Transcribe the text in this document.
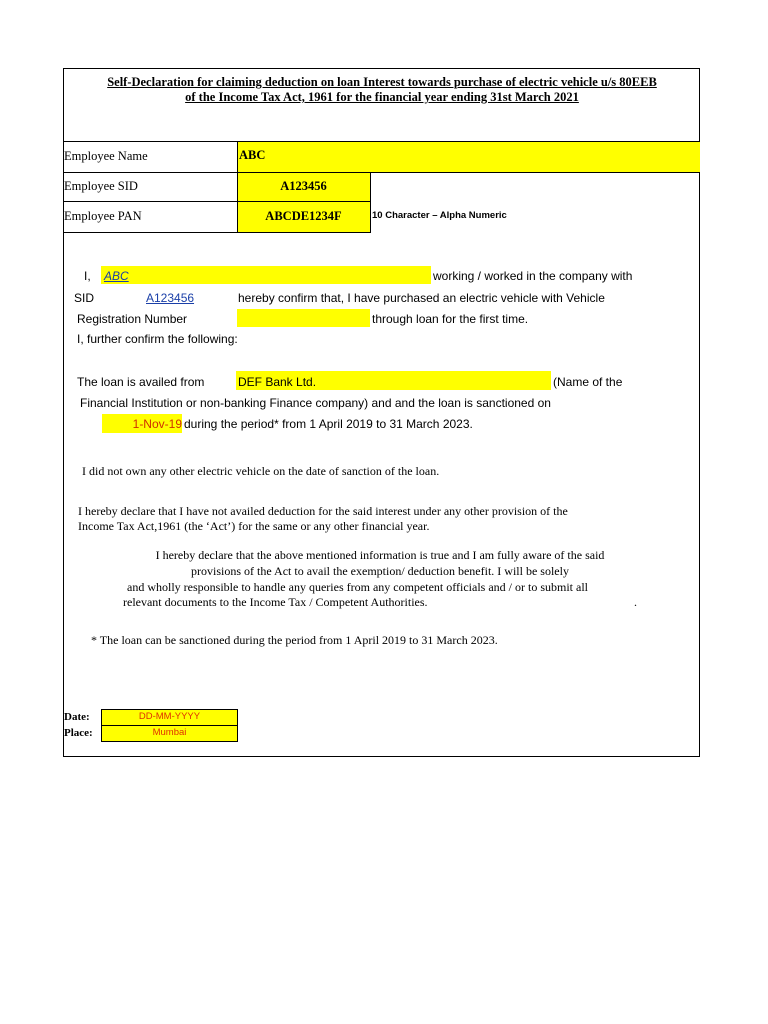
Self-Declaration for claiming deduction on loan Interest towards purchase of electric vehicle u/s 80EEB
of the Income Tax Act, 1961 for the financial year ending 31st March 2021
Employee Name	ABC
Employee SID	A123456
Employee PAN	ABCDE1234F	10 Character – Alpha Numeric
I, ABC	working / worked in the company with
SID	A123456	hereby confirm that, I have purchased an electric vehicle with Vehicle
Registration Number	through loan for the first time.
I, further confirm the following:
The loan is availed from	DEF Bank Ltd.	(Name of the
Financial Institution or non-banking Finance company) and and the loan is sanctioned on
1-Nov-19 during the period* from 1 April 2019 to 31 March 2023.
I did not own any other electric vehicle on the date of sanction of the loan.
I hereby declare that I have not availed deduction for the said interest under any other provision of the
Income Tax Act,1961 (the ‘Act’) for the same or any other financial year.
I hereby declare that the above mentioned information is true and I am fully aware of the said
provisions of the Act to avail the exemption/ deduction benefit. I will be solely
and wholly responsible to handle any queries from any competent officials and / or to submit all
relevant documents to the Income Tax / Competent Authorities.	.
* The loan can be sanctioned during the period from 1 April 2019 to 31 March 2023.
Date:	DD-MM-YYYY
Place:	Mumbai
